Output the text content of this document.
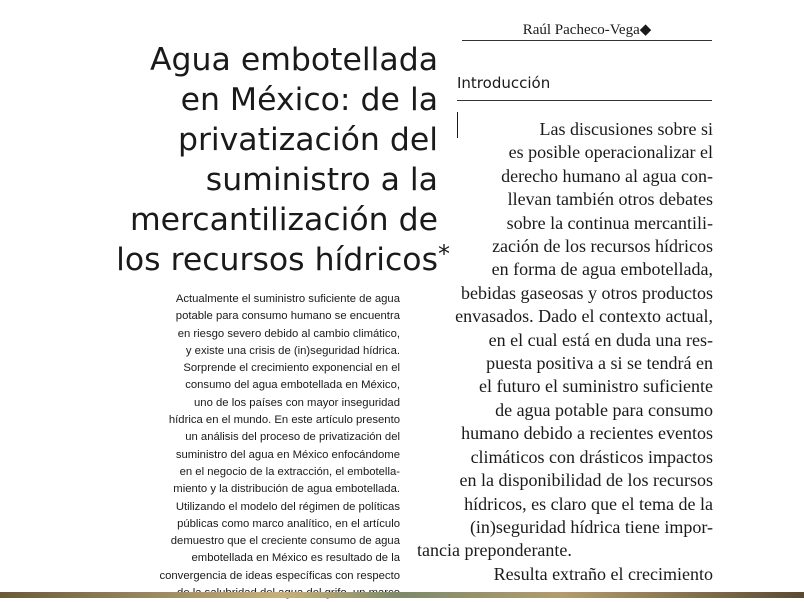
Raúl Pacheco-Vega◆
Agua embotellada
en México: de la
privatización del
suministro a la
mercantilización de
los recursos hídricos *
Actualmente el suministro suficiente de agua
potable para consumo humano se encuentra
en riesgo severo debido al cambio climático,
y existe una crisis de (in)seguridad hídrica.
Sorprende el crecimiento exponencial en el
consumo del agua embotellada en México,
uno de los países con mayor inseguridad
hídrica en el mundo. En este artículo presento
un análisis del proceso de privatización del
suministro del agua en México enfocándome
en el negocio de la extracción, el embotella-
miento y la distribución de agua embotellada.
Utilizando el modelo del régimen de políticas
públicas como marco analítico, en el artículo
demuestro que el creciente consumo de agua
embotellada en México es resultado de la
convergencia de ideas específicas con respecto
Introducción
Las discusiones sobre si
es posible operacionalizar el
derecho humano al agua con-
llevan también otros debates
sobre la continua mercantili-
zación de los recursos hídricos
en forma de agua embotellada,
bebidas gaseosas y otros productos
envasados. Dado el contexto actual,
en el cual está en duda una res-
puesta positiva a si se tendrá en
el futuro el suministro suficiente
de agua potable para consumo
humano debido a recientes eventos
climáticos con drásticos impactos
en la disponibilidad de los recursos
hídricos, es claro que el tema de la
(in)seguridad hídrica tiene impor-
tancia preponderante.
Resulta extraño el crecimiento
